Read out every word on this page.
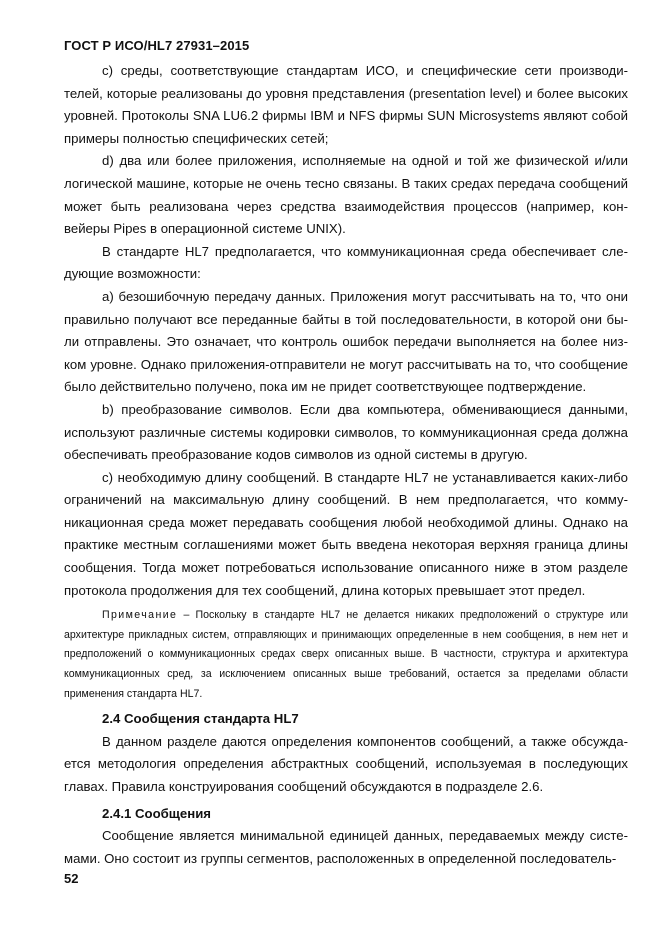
ГОСТ Р ИСО/HL7 27931–2015

c) среды, соответствующие стандартам ИСО, и специфические сети производителей, которые реализованы до уровня представления (presentation level) и более высоких уровней. Протоколы SNA LU6.2 фирмы IBM и NFS фирмы SUN Microsystems являют собой примеры полностью специфических сетей;

d) два или более приложения, исполняемые на одной и той же физической и/или логической машине, которые не очень тесно связаны. В таких средах передача сообщений может быть реализована через средства взаимодействия процессов (например, конвейеры Pipes в операционной системе UNIX).

В стандарте HL7 предполагается, что коммуникационная среда обеспечивает следующие возможности:

a) безошибочную передачу данных. Приложения могут рассчитывать на то, что они правильно получают все переданные байты в той последовательности, в которой они были отправлены. Это означает, что контроль ошибок передачи выполняется на более низком уровне. Однако приложения-отправители не могут рассчитывать на то, что сообщение было действительно получено, пока им не придет соответствующее подтверждение.

b) преобразование символов. Если два компьютера, обменивающиеся данными, используют различные системы кодировки символов, то коммуникационная среда должна обеспечивать преобразование кодов символов из одной системы в другую.

c) необходимую длину сообщений. В стандарте HL7 не устанавливается каких-либо ограничений на максимальную длину сообщений. В нем предполагается, что коммуникационная среда может передавать сообщения любой необходимой длины. Однако на практике местным соглашениями может быть введена некоторая верхняя граница длины сообщения. Тогда может потребоваться использование описанного ниже в этом разделе протокола продолжения для тех сообщений, длина которых превышает этот предел.

Примечание – Поскольку в стандарте HL7 не делается никаких предположений о структуре или архитектуре прикладных систем, отправляющих и принимающих определенные в нем сообщения, в нем нет и предположений о коммуникационных средах сверх описанных выше. В частности, структура и архитектура коммуникационных сред, за исключением описанных выше требований, остается за пределами области применения стандарта HL7.

2.4 Сообщения стандарта HL7

В данном разделе даются определения компонентов сообщений, а также обсуждается методология определения абстрактных сообщений, используемая в последующих главах. Правила конструирования сообщений обсуждаются в подразделе 2.6.

2.4.1 Сообщения

Сообщение является минимальной единицей данных, передаваемых между системами. Оно состоит из группы сегментов, расположенных в определенной последователь-

52
